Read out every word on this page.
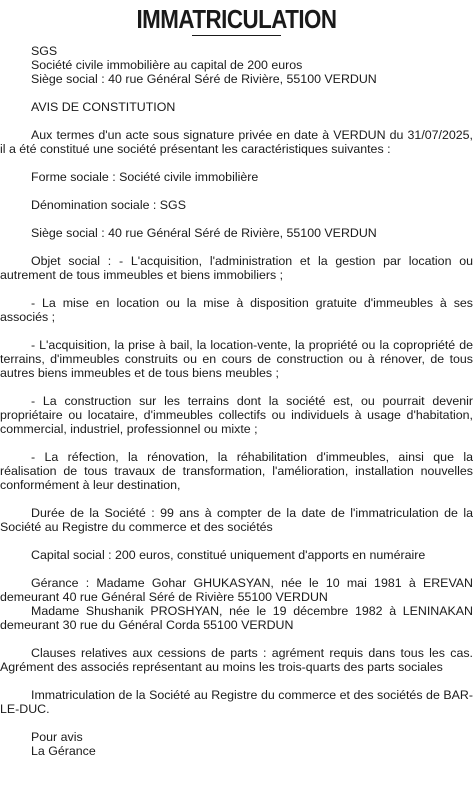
IMMATRICULATION
SGS
Société civile immobilière au capital de 200 euros
Siège social : 40 rue Général Séré de Rivière, 55100 VERDUN
AVIS DE CONSTITUTION

Aux termes d'un acte sous signature privée en date à VERDUN du 31/07/2025, il a été constitué une société présentant les caractéristiques suivantes :

Forme sociale : Société civile immobilière

Dénomination sociale : SGS

Siège social : 40 rue Général Séré de Rivière, 55100 VERDUN

Objet social : - L'acquisition, l'administration et la gestion par location ou autrement de tous immeubles et biens immobiliers ;

- La mise en location ou la mise à disposition gratuite d'immeubles à ses associés ;

- L'acquisition, la prise à bail, la location-vente, la propriété ou la copropriété de terrains, d'immeubles construits ou en cours de construction ou à rénover, de tous autres biens immeubles et de tous biens meubles ;

- La construction sur les terrains dont la société est, ou pourrait devenir propriétaire ou locataire, d'immeubles collectifs ou individuels à usage d'habitation, commercial, industriel, professionnel ou mixte ;

- La réfection, la rénovation, la réhabilitation d'immeubles, ainsi que la réalisation de tous travaux de transformation, l'amélioration, installation nouvelles conformément à leur destination,

Durée de la Société : 99 ans à compter de la date de l'immatriculation de la Société au Registre du commerce et des sociétés

Capital social : 200 euros, constitué uniquement d'apports en numéraire

Gérance : Madame Gohar GHUKASYAN, née le 10 mai 1981 à EREVAN demeurant 40 rue Général Séré de Rivière 55100 VERDUN

Madame Shushanik PROSHYAN, née le 19 décembre 1982 à LENINAKAN demeurant 30 rue du Général Corda 55100 VERDUN

Clauses relatives aux cessions de parts : agrément requis dans tous les cas. Agrément des associés représentant au moins les trois-quarts des parts sociales

Immatriculation de la Société au Registre du commerce et des sociétés de BAR-LE-DUC.

Pour avis
La Gérance
